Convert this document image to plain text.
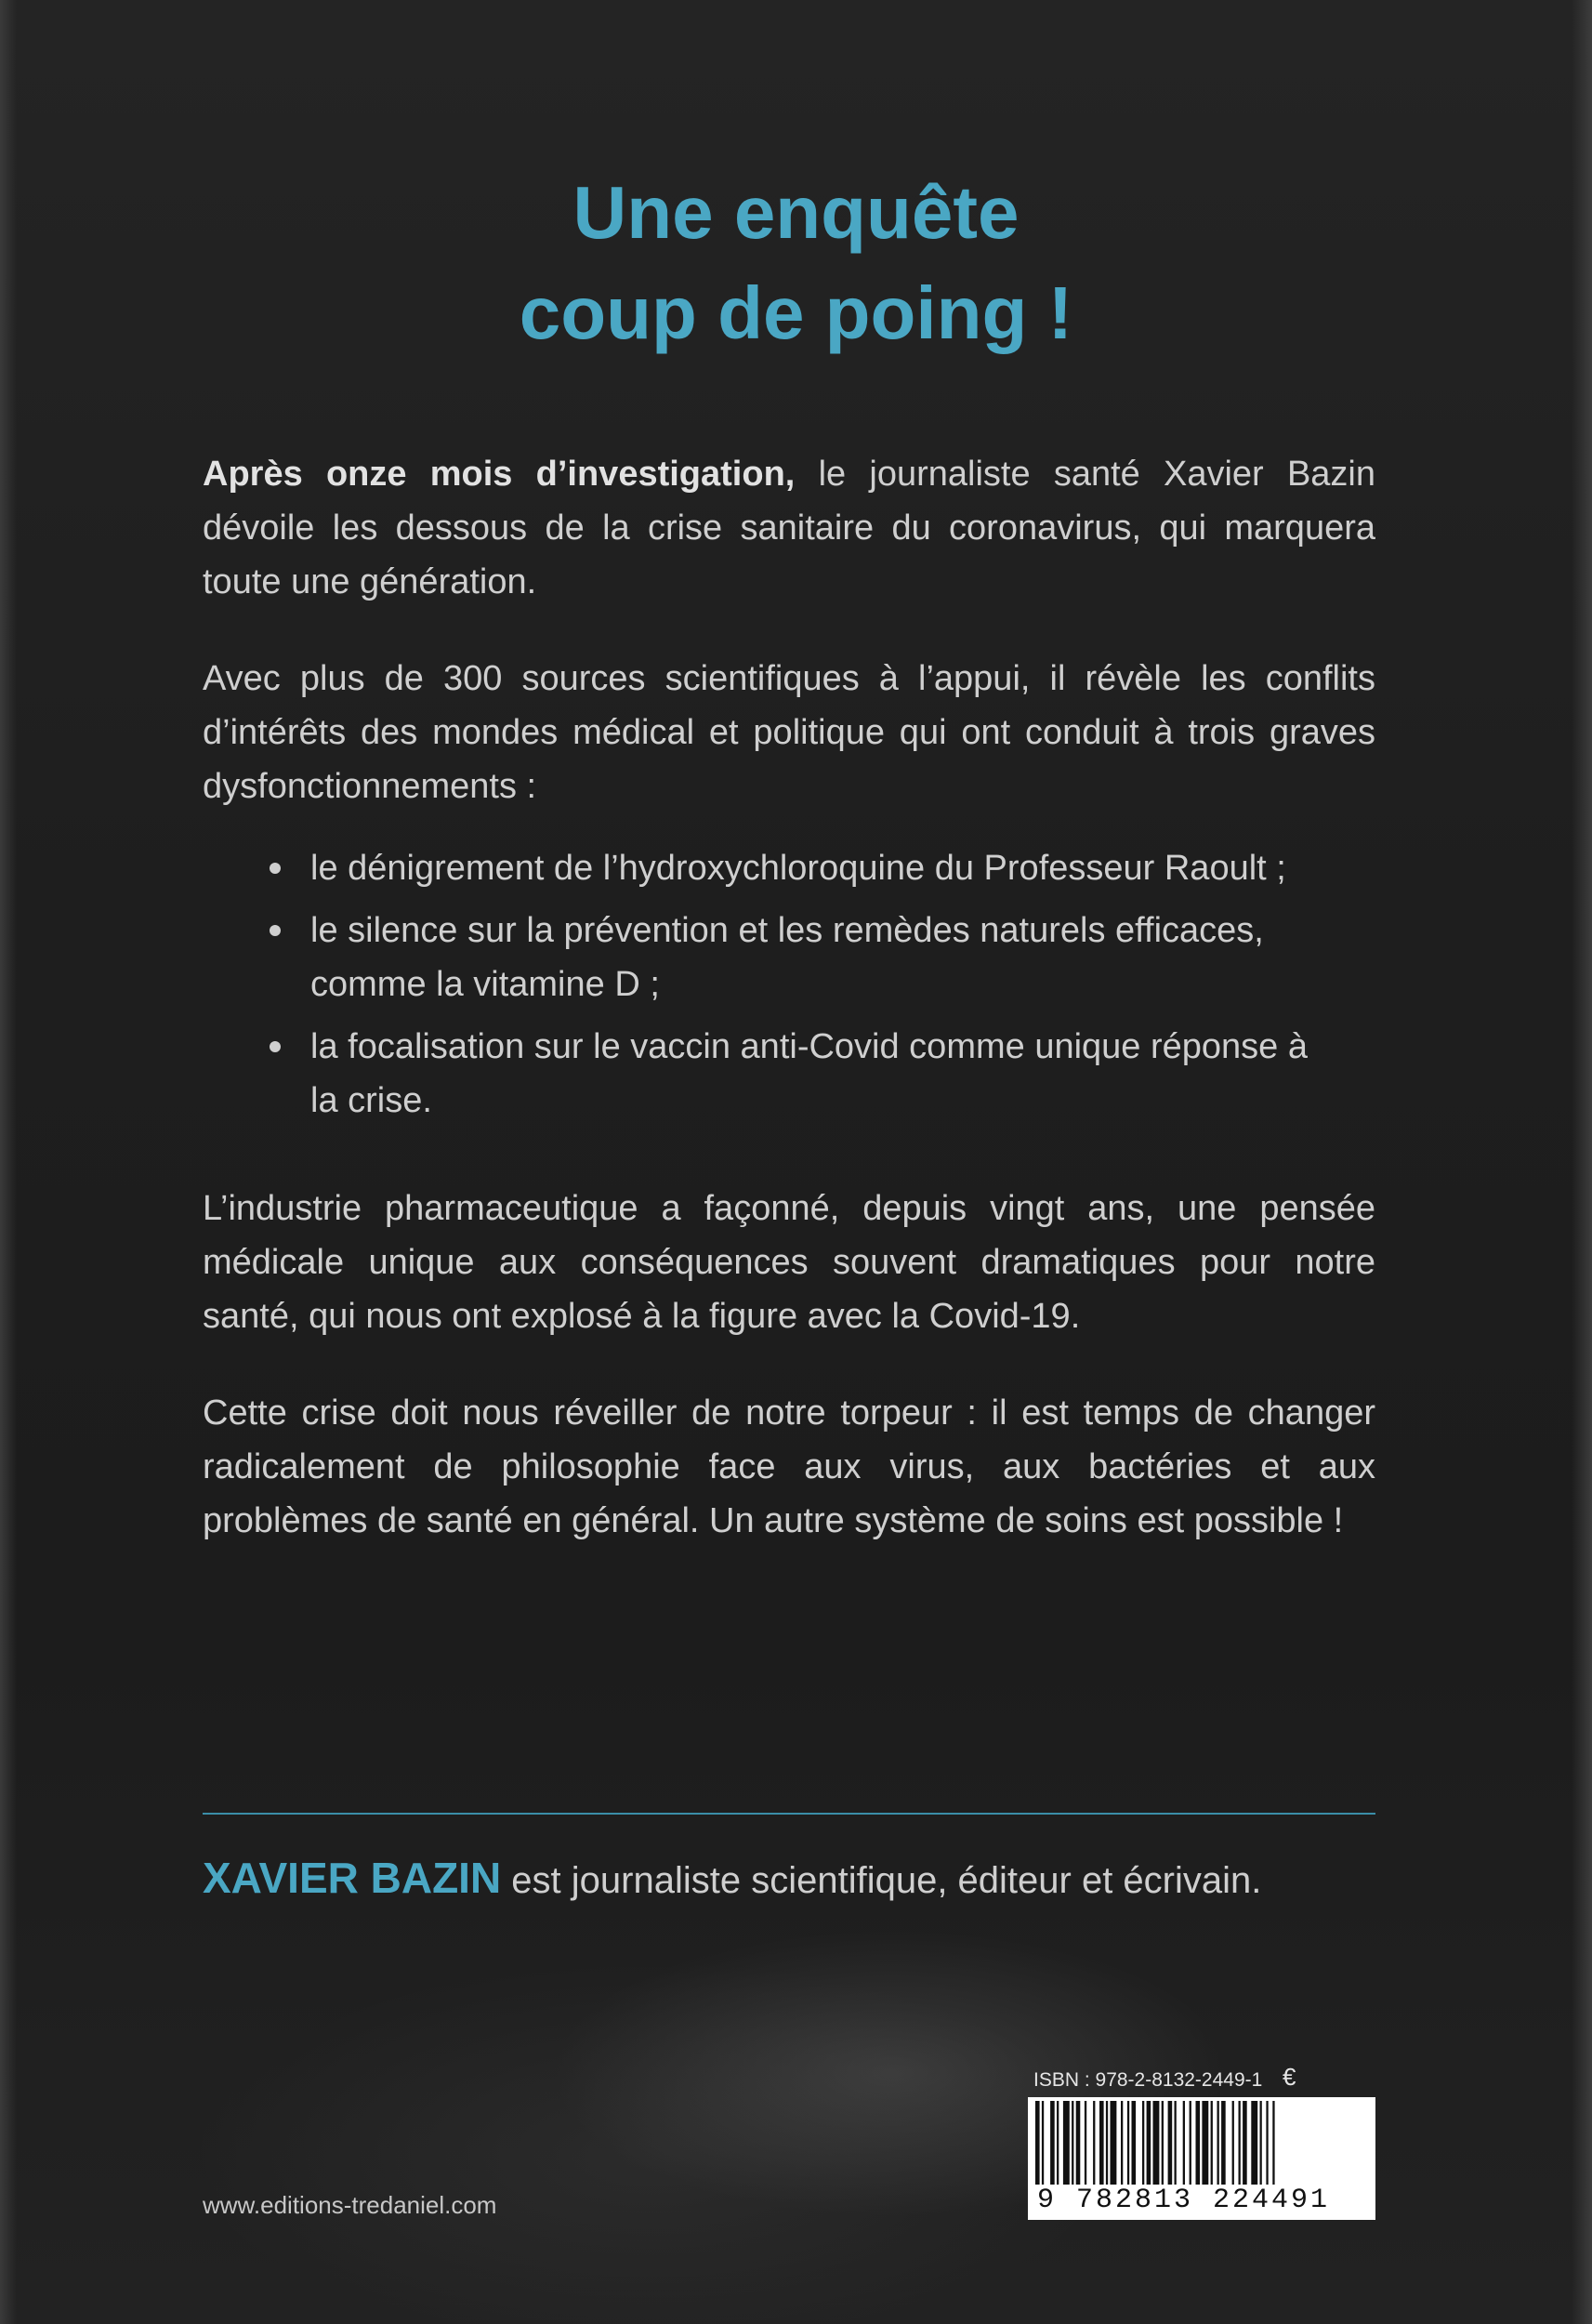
Une enquête
coup de poing !

Après onze mois d’investigation, le journaliste santé Xavier Bazin dévoile les dessous de la crise sanitaire du coronavirus, qui marquera toute une génération.

Avec plus de 300 sources scientifiques à l’appui, il révèle les conflits d’intérêts des mondes médical et politique qui ont conduit à trois graves dysfonctionnements :

le dénigrement de l’hydroxychloroquine du Professeur Raoult ;
le silence sur la prévention et les remèdes naturels efficaces, comme la vitamine D ;
la focalisation sur le vaccin anti-Covid comme unique réponse à la crise.

L’industrie pharmaceutique a façonné, depuis vingt ans, une pensée médicale unique aux conséquences souvent dramatiques pour notre santé, qui nous ont explosé à la figure avec la Covid-19.

Cette crise doit nous réveiller de notre torpeur : il est temps de changer radicalement de philosophie face aux virus, aux bactéries et aux problèmes de santé en général. Un autre système de soins est possible !

XAVIER BAZIN est journaliste scientifique, éditeur et écrivain.
ISBN : 978-2-8132-2449-1 €
9 782813 224491
www.editions-tredaniel.com
